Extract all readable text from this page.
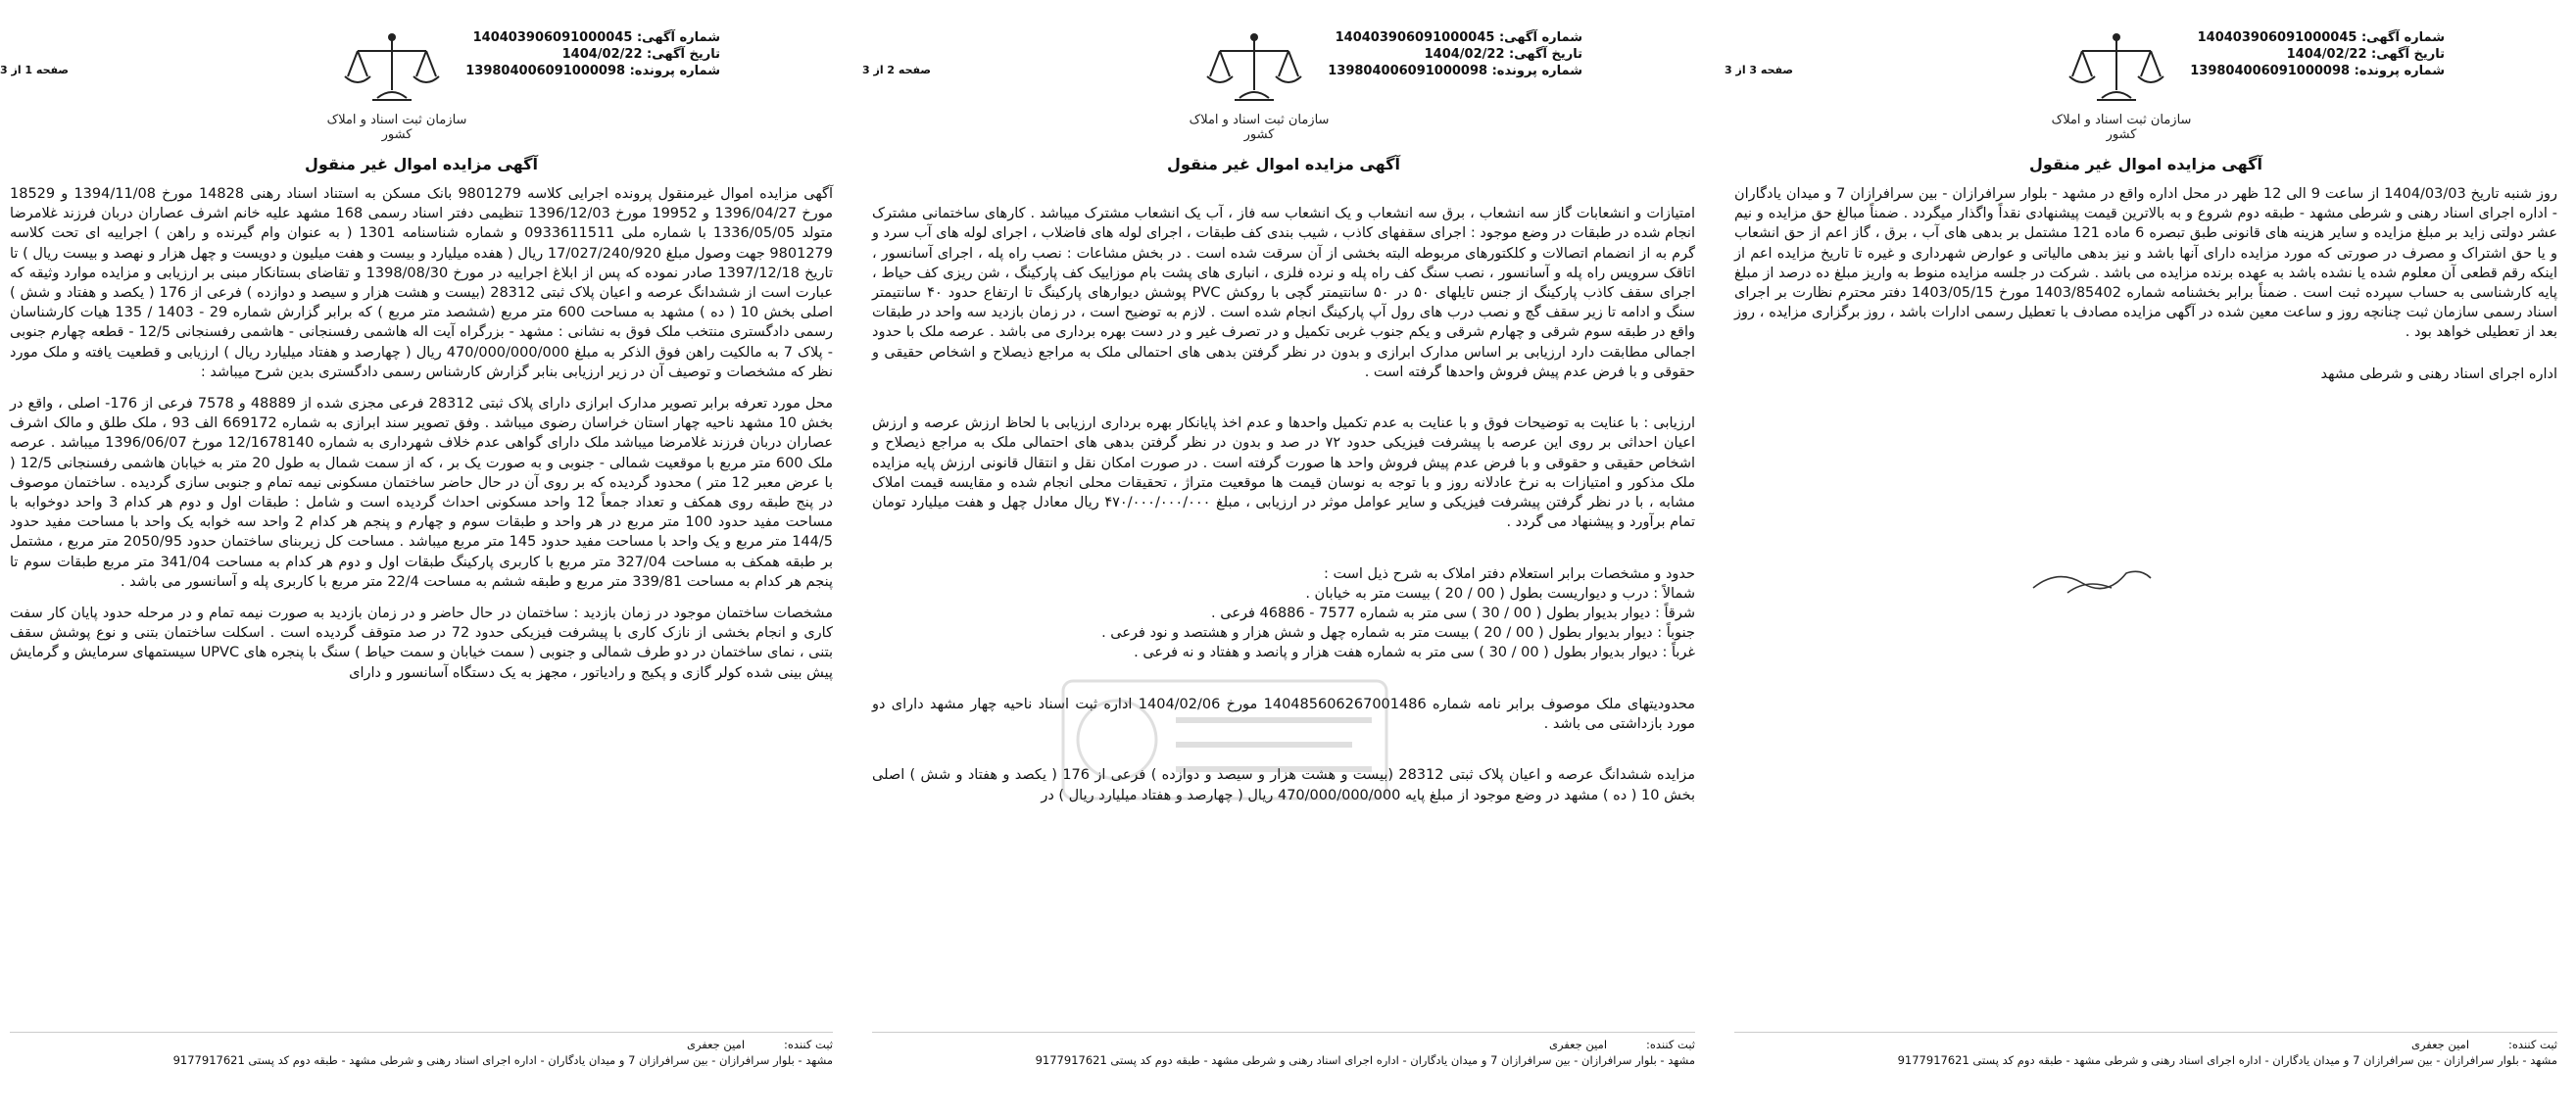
صفحه 1 از 3
سازمان ثبت اسناد و املاک کشور
شماره آگهی: 140403906091000045
تاریخ آگهی: 1404/02/22
شماره پرونده: 139804006091000098
آگهی مزایده اموال غیر منقول

آگهی مزایده اموال غیرمنقول پرونده اجرایی کلاسه 9801279 بانک مسکن به استناد اسناد رهنی 14828 مورخ 1394/11/08 و 18529 مورخ 1396/04/27 و 19952 مورخ 1396/12/03 تنظیمی دفتر اسناد رسمی 168 مشهد علیه خانم اشرف عصاران دربان فرزند غلامرضا متولد 1336/05/05 با شماره ملی 0933611511 و شماره شناسنامه 1301 ( به عنوان وام گیرنده و راهن ) اجراییه ای تحت کلاسه 9801279 جهت وصول مبلغ 17/027/240/920 ریال ( هفده میلیارد و بیست و هفت میلیون و دویست و چهل هزار و نهصد و بیست ریال ) تا تاریخ 1397/12/18 صادر نموده که پس از ابلاغ اجراییه در مورخ 1398/08/30 و تقاضای بستانکار مبنی بر ارزیابی و مزایده موارد وثیقه که عبارت است از ششدانگ عرصه و اعیان پلاک ثبتی 28312 (بیست و هشت هزار و سیصد و دوازده ) فرعی از 176 ( یکصد و هفتاد و شش ) اصلی بخش 10 ( ده ) مشهد به مساحت 600 متر مربع (ششصد متر مربع ) که برابر گزارش شماره 29 - 1403 / 135 هیات کارشناسان رسمی دادگستری منتخب ملک فوق به نشانی : مشهد - بزرگراه آیت اله هاشمی رفسنجانی - هاشمی رفسنجانی 12/5 - قطعه چهارم جنوبی - پلاک 7 به مالکیت راهن فوق الذکر به مبلغ 470/000/000/000 ریال ( چهارصد و هفتاد میلیارد ریال ) ارزیابی و قطعیت یافته و ملک مورد نظر که مشخصات و توصیف آن در زیر ارزیابی بنابر گزارش کارشناس رسمی دادگستری بدین شرح میباشد :

محل مورد تعرفه برابر تصویر مدارک ابرازی دارای پلاک ثبتی 28312 فرعی مجزی شده از 48889 و 7578 فرعی از 176- اصلی ، واقع در بخش 10 مشهد ناحیه چهار استان خراسان رضوی میباشد . وفق تصویر سند ابرازی به شماره 669172 الف 93 ، ملک طلق و مالک اشرف عصاران دربان فرزند غلامرضا میباشد ملک دارای گواهی عدم خلاف شهرداری به شماره 12/1678140 مورخ 1396/06/07 میباشد . عرصه ملک 600 متر مربع با موقعیت شمالی - جنوبی و به صورت یک بر ، که از سمت شمال به طول 20 متر به خیابان هاشمی رفسنجانی 12/5 ( با عرض معبر 12 متر ) محدود گردیده که بر روی آن در حال حاضر ساختمان مسکونی نیمه تمام و جنوبی سازی گردیده . ساختمان موصوف در پنج طبقه روی همکف و تعداد جمعاً 12 واحد مسکونی احداث گردیده است و شامل : طبقات اول و دوم هر کدام 3 واحد دوخوابه با مساحت مفید حدود 100 متر مربع در هر واحد و طبقات سوم و چهارم و پنجم هر کدام 2 واحد سه خوابه یک واحد با مساحت مفید حدود 144/5 متر مربع و یک واحد با مساحت مفید حدود 145 متر مربع میباشد . مساحت کل زیربنای ساختمان حدود 2050/95 متر مربع ، مشتمل بر طبقه همکف به مساحت 327/04 متر مربع با کاربری پارکینگ طبقات اول و دوم هر کدام به مساحت 341/04 متر مربع طبقات سوم تا پنجم هر کدام به مساحت 339/81 متر مربع و طبقه ششم به مساحت 22/4 متر مربع با کاربری پله و آسانسور می باشد .

مشخصات ساختمان موجود در زمان بازدید : ساختمان در حال حاضر و در زمان بازدید به صورت نیمه تمام و در مرحله حدود پایان کار سفت کاری و انجام بخشی از نازک کاری با پیشرفت فیزیکی حدود 72 در صد متوقف گردیده است . اسکلت ساختمان بتنی و نوع پوشش سقف بتنی ، نمای ساختمان در دو طرف شمالی و جنوبی ( سمت خیابان و سمت حیاط ) سنگ با پنجره های UPVC سیستمهای سرمایش و گرمایش پیش بینی شده کولر گازی و پکیج و رادیاتور ، مجهز به یک دستگاه آسانسور و دارای

ثبت کننده:امین جعفری
مشهد - بلوار سرافرازان - بین سرافرازان 7 و میدان یادگاران - اداره اجرای اسناد رهنی و شرطی مشهد - طبقه دوم کد پستی 9177917621
صفحه 2 از 3
سازمان ثبت اسناد و املاک کشور
شماره آگهی: 140403906091000045
تاریخ آگهی: 1404/02/22
شماره پرونده: 139804006091000098
آگهی مزایده اموال غیر منقول

امتیازات و انشعابات گاز سه انشعاب ، برق سه انشعاب و یک انشعاب سه فاز ، آب یک انشعاب مشترک میباشد . کارهای ساختمانی مشترک انجام شده در طبقات در وضع موجود : اجرای سقفهای کاذب ، شیب بندی کف طبقات ، اجرای لوله های فاضلاب ، اجرای لوله های آب سرد و گرم به از انضمام اتصالات و کلکتورهای مربوطه البته بخشی از آن سرقت شده است . در بخش مشاعات : نصب راه پله ، اجرای آسانسور ، اتاقک سرویس راه پله و آسانسور ، نصب سنگ کف راه پله و نرده فلزی ، انباری های پشت بام موزاییک کف پارکینگ ، شن ریزی کف حیاط ، اجرای سقف کاذب پارکینگ از جنس تایلهای ۵۰ در ۵۰ سانتیمتر گچی با روکش PVC پوشش دیوارهای پارکینگ تا ارتفاع حدود ۴۰ سانتیمتر سنگ و ادامه تا زیر سقف گچ و نصب درب های رول آپ پارکینگ انجام شده است . لازم به توضیح است ، در زمان بازدید سه واحد در طبقات واقع در طبقه سوم شرقی و چهارم شرقی و یکم جنوب غربی تکمیل و در تصرف غیر و در دست بهره برداری می باشد . عرصه ملک با حدود اجمالی مطابقت دارد ارزیابی بر اساس مدارک ابرازی و بدون در نظر گرفتن بدهی های احتمالی ملک به مراجع ذیصلاح و اشخاص حقیقی و حقوقی و با فرض عدم پیش فروش واحدها گرفته است .

ارزیابی : با عنایت به توضیحات فوق و با عنایت به عدم تکمیل واحدها و عدم اخذ پایانکار بهره برداری ارزیابی با لحاظ ارزش عرصه و ارزش اعیان احداثی بر روی این عرصه با پیشرفت فیزیکی حدود ۷۲ در صد و بدون در نظر گرفتن بدهی های احتمالی ملک به مراجع ذیصلاح و اشخاص حقیقی و حقوقی و با فرض عدم پیش فروش واحد ها صورت گرفته است . در صورت امکان نقل و انتقال قانونی ارزش پایه مزایده ملک مذکور و امتیازات به نرخ عادلانه روز و با توجه به نوسان قیمت ها موقعیت متراژ ، تحقیقات محلی انجام شده و مقایسه قیمت املاک مشابه ، با در نظر گرفتن پیشرفت فیزیکی و سایر عوامل موثر در ارزیابی ، مبلغ ۴۷۰/۰۰۰/۰۰۰/۰۰۰ ریال معادل چهل و هفت میلیارد تومان تمام برآورد و پیشنهاد می گردد .

حدود و مشخصات برابر استعلام دفتر املاک به شرح ذیل است :
شمالاً : درب و دیواریست بطول ( 00 / 20 ) بیست متر به خیابان .
شرقاً : دیوار بدیوار بطول ( 00 / 30 ) سی متر به شماره 7577 - 46886 فرعی .
جنوباً : دیوار بدیوار بطول ( 00 / 20 ) بیست متر به شماره چهل و شش هزار و هشتصد و نود فرعی .
غرباً : دیوار بدیوار بطول ( 00 / 30 ) سی متر به شماره هفت هزار و پانصد و هفتاد و نه فرعی .

محدودیتهای ملک موصوف برابر نامه شماره 140485606267001486 مورخ 1404/02/06 اداره ثبت اسناد ناحیه چهار مشهد دارای دو مورد بازداشتی می باشد .

مزایده ششدانگ عرصه و اعیان پلاک ثبتی 28312 (بیست و هشت هزار و سیصد و دوازده ) فرعی از 176 ( یکصد و هفتاد و شش ) اصلی بخش 10 ( ده ) مشهد در وضع موجود از مبلغ پایه 470/000/000/000 ریال ( چهارصد و هفتاد میلیارد ریال ) در

ثبت کننده:امین جعفری
مشهد - بلوار سرافرازان - بین سرافرازان 7 و میدان یادگاران - اداره اجرای اسناد رهنی و شرطی مشهد - طبقه دوم کد پستی 9177917621
صفحه 3 از 3
سازمان ثبت اسناد و املاک کشور
شماره آگهی: 140403906091000045
تاریخ آگهی: 1404/02/22
شماره پرونده: 139804006091000098
آگهی مزایده اموال غیر منقول

روز شنبه تاریخ 1404/03/03 از ساعت 9 الی 12 ظهر در محل اداره واقع در مشهد - بلوار سرافرازان - بین سرافرازان 7 و میدان یادگاران - اداره اجرای اسناد رهنی و شرطی مشهد - طبقه دوم شروع و به بالاترین قیمت پیشنهادی نقداً واگذار میگردد . ضمناً مبالغ حق مزایده و نیم عشر دولتی زاید بر مبلغ مزایده و سایر هزینه های قانونی طبق تبصره 6 ماده 121 مشتمل بر بدهی های آب ، برق ، گاز اعم از حق انشعاب و یا حق اشتراک و مصرف در صورتی که مورد مزایده دارای آنها باشد و نیز بدهی مالیاتی و عوارض شهرداری و غیره تا تاریخ مزایده اعم از اینکه رقم قطعی آن معلوم شده یا نشده باشد به عهده برنده مزایده می باشد . شرکت در جلسه مزایده منوط به واریز مبلغ ده درصد از مبلغ پایه کارشناسی به حساب سپرده ثبت است . ضمناً برابر بخشنامه شماره 1403/85402 مورخ 1403/05/15 دفتر محترم نظارت بر اجرای اسناد رسمی سازمان ثبت چنانچه روز و ساعت معین شده در آگهی مزایده مصادف با تعطیل رسمی ادارات باشد ، روز برگزاری مزایده ، روز بعد از تعطیلی خواهد بود .

اداره اجرای اسناد رهنی و شرطی مشهد

ثبت کننده:امین جعفری
مشهد - بلوار سرافرازان - بین سرافرازان 7 و میدان یادگاران - اداره اجرای اسناد رهنی و شرطی مشهد - طبقه دوم کد پستی 9177917621
